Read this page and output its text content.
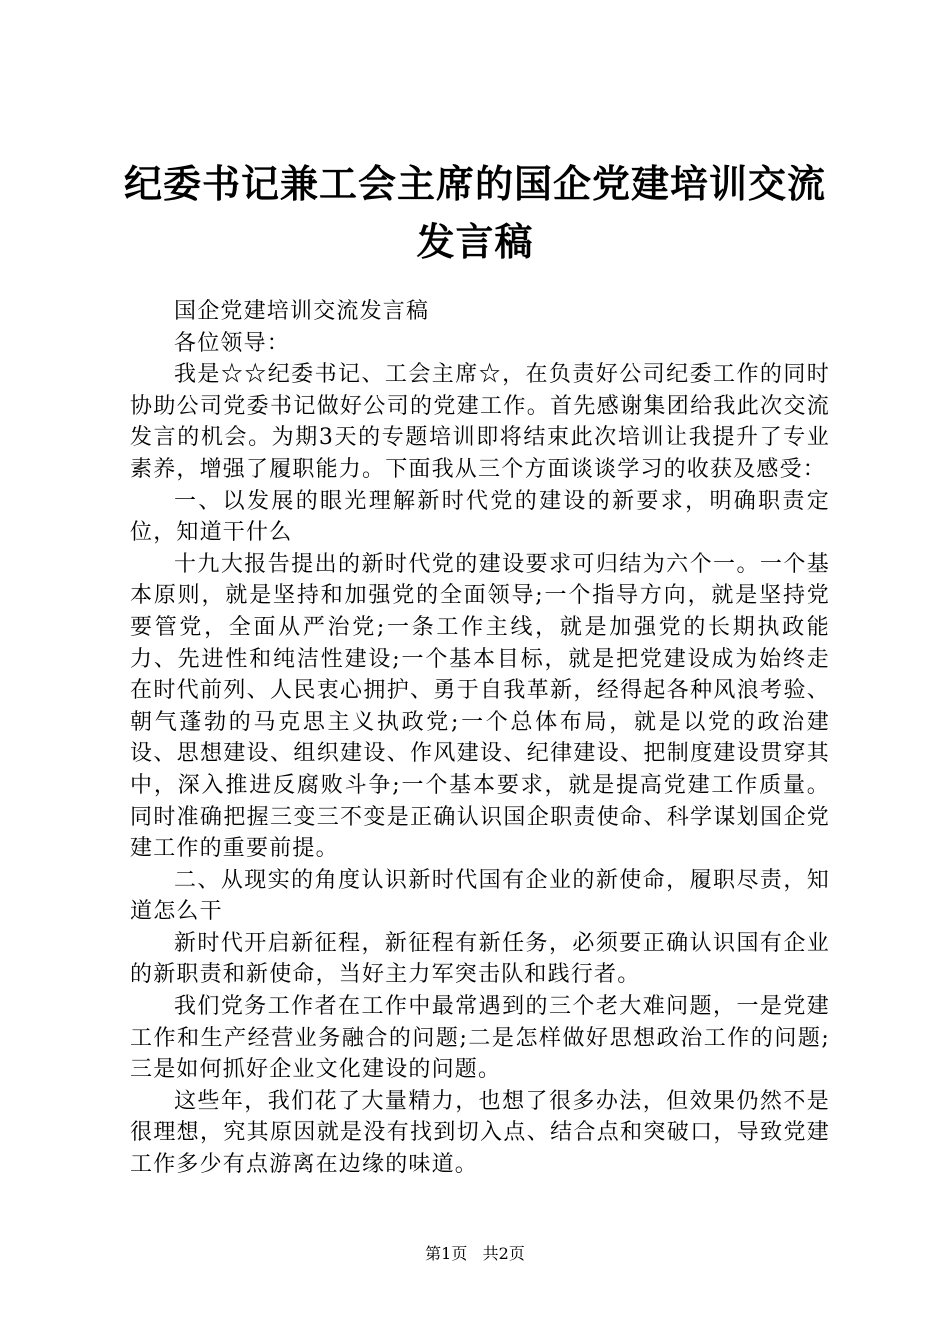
纪委书记兼工会主席的国企党建培训交流发言稿

国企党建培训交流发言稿

各位领导：

我是☆☆纪委书记、工会主席☆，在负责好公司纪委工作的同时协助公司党委书记做好公司的党建工作。首先感谢集团给我此次交流发言的机会。为期3天的专题培训即将结束此次培训让我提升了专业素养，增强了履职能力。下面我从三个方面谈谈学习的收获及感受：

一、以发展的眼光理解新时代党的建设的新要求，明确职责定位，知道干什么

十九大报告提出的新时代党的建设要求可归结为六个一。一个基本原则，就是坚持和加强党的全面领导;一个指导方向，就是坚持党要管党，全面从严治党;一条工作主线，就是加强党的长期执政能力、先进性和纯洁性建设;一个基本目标，就是把党建设成为始终走在时代前列、人民衷心拥护、勇于自我革新，经得起各种风浪考验、朝气蓬勃的马克思主义执政党;一个总体布局，就是以党的政治建设、思想建设、组织建设、作风建设、纪律建设、把制度建设贯穿其中，深入推进反腐败斗争;一个基本要求，就是提高党建工作质量。同时准确把握三变三不变是正确认识国企职责使命、科学谋划国企党建工作的重要前提。

二、从现实的角度认识新时代国有企业的新使命，履职尽责，知道怎么干

新时代开启新征程，新征程有新任务，必须要正确认识国有企业的新职责和新使命，当好主力军突击队和践行者。

我们党务工作者在工作中最常遇到的三个老大难问题，一是党建工作和生产经营业务融合的问题;二是怎样做好思想政治工作的问题;三是如何抓好企业文化建设的问题。

这些年，我们花了大量精力，也想了很多办法，但效果仍然不是很理想，究其原因就是没有找到切入点、结合点和突破口，导致党建工作多少有点游离在边缘的味道。

第1页 共2页
